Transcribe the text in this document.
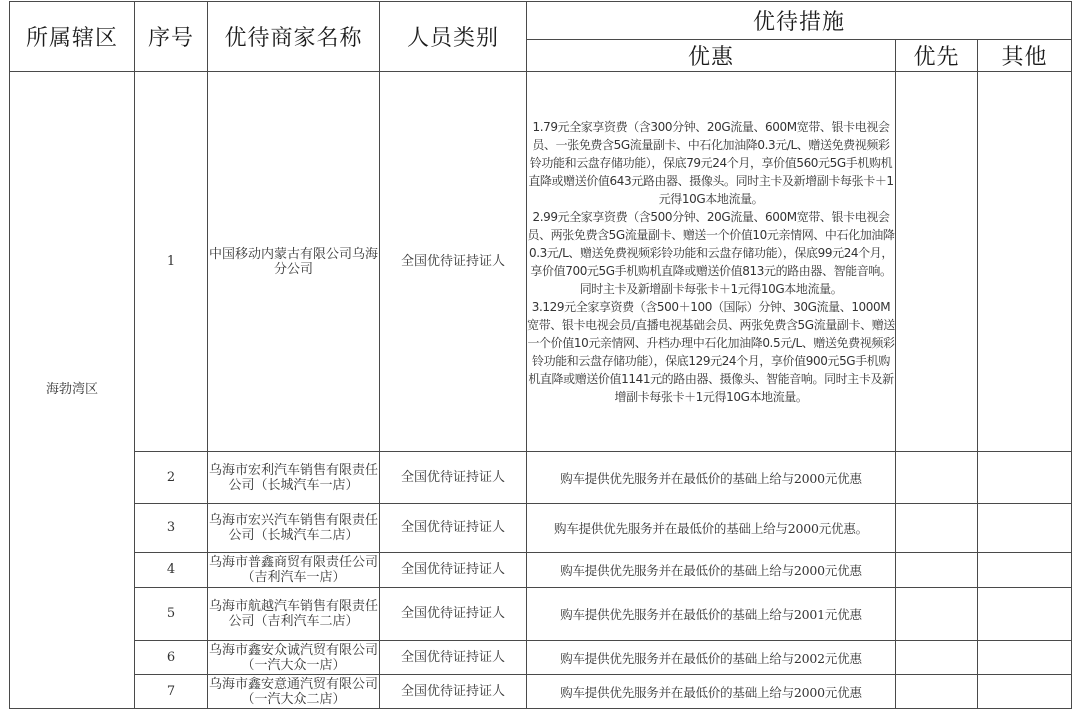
所属辖区	序号	优待商家名称	人员类别	优待措施		
				优惠	优先	其他
海勃湾区	1	中国移动内蒙古有限公司乌海分公司	全国优待证持证人	1.79元全家享资费（含300分钟、20G流量、600M宽带、银卡电视会员、一张免费含5G流量副卡、中石化加油降0.3元/L、赠送免费视频彩铃功能和云盘存储功能），保底79元24个月，享价值560元5G手机购机直降或赠送价值643元路由器、摄像头。同时主卡及新增副卡每张卡＋1元得10G本地流量。

2.99元全家享资费（含500分钟、20G流量、600M宽带、银卡电视会员、两张免费含5G流量副卡、赠送一个价值10元亲情网、中石化加油降0.3元/L、赠送免费视频彩铃功能和云盘存储功能），保底99元24个月，享价值700元5G手机购机直降或赠送价值813元的路由器、智能音响。同时主卡及新增副卡每张卡＋1元得10G本地流量。

3.129元全家享资费（含500＋100（国际）分钟、30G流量、1000M宽带、银卡电视会员/直播电视基础会员、两张免费含5G流量副卡、赠送一个价值10元亲情网、升档办理中石化加油降0.5元/L、赠送免费视频彩铃功能和云盘存储功能），保底129元24个月，享价值900元5G手机购机直降或赠送价值1141元的路由器、摄像头、智能音响。同时主卡及新增副卡每张卡＋1元得10G本地流量。		

	2	乌海市宏利汽车销售有限责任公司（长城汽车一店）	全国优待证持证人	购车提供优先服务并在最低价的基础上给与2000元优惠		
	3	乌海市宏兴汽车销售有限责任公司（长城汽车二店）	全国优待证持证人	购车提供优先服务并在最低价的基础上给与2000元优惠。		
	4	乌海市普鑫商贸有限责任公司（吉利汽车一店）	全国优待证持证人	购车提供优先服务并在最低价的基础上给与2000元优惠		
	5	乌海市航越汽车销售有限责任公司（吉利汽车二店）	全国优待证持证人	购车提供优先服务并在最低价的基础上给与2001元优惠		
	6	乌海市鑫安众诚汽贸有限公司（一汽大众一店）	全国优待证持证人	购车提供优先服务并在最低价的基础上给与2002元优惠		
	7	乌海市鑫安意通汽贸有限公司（一汽大众二店）	全国优待证持证人	购车提供优先服务并在最低价的基础上给与2000元优惠		
